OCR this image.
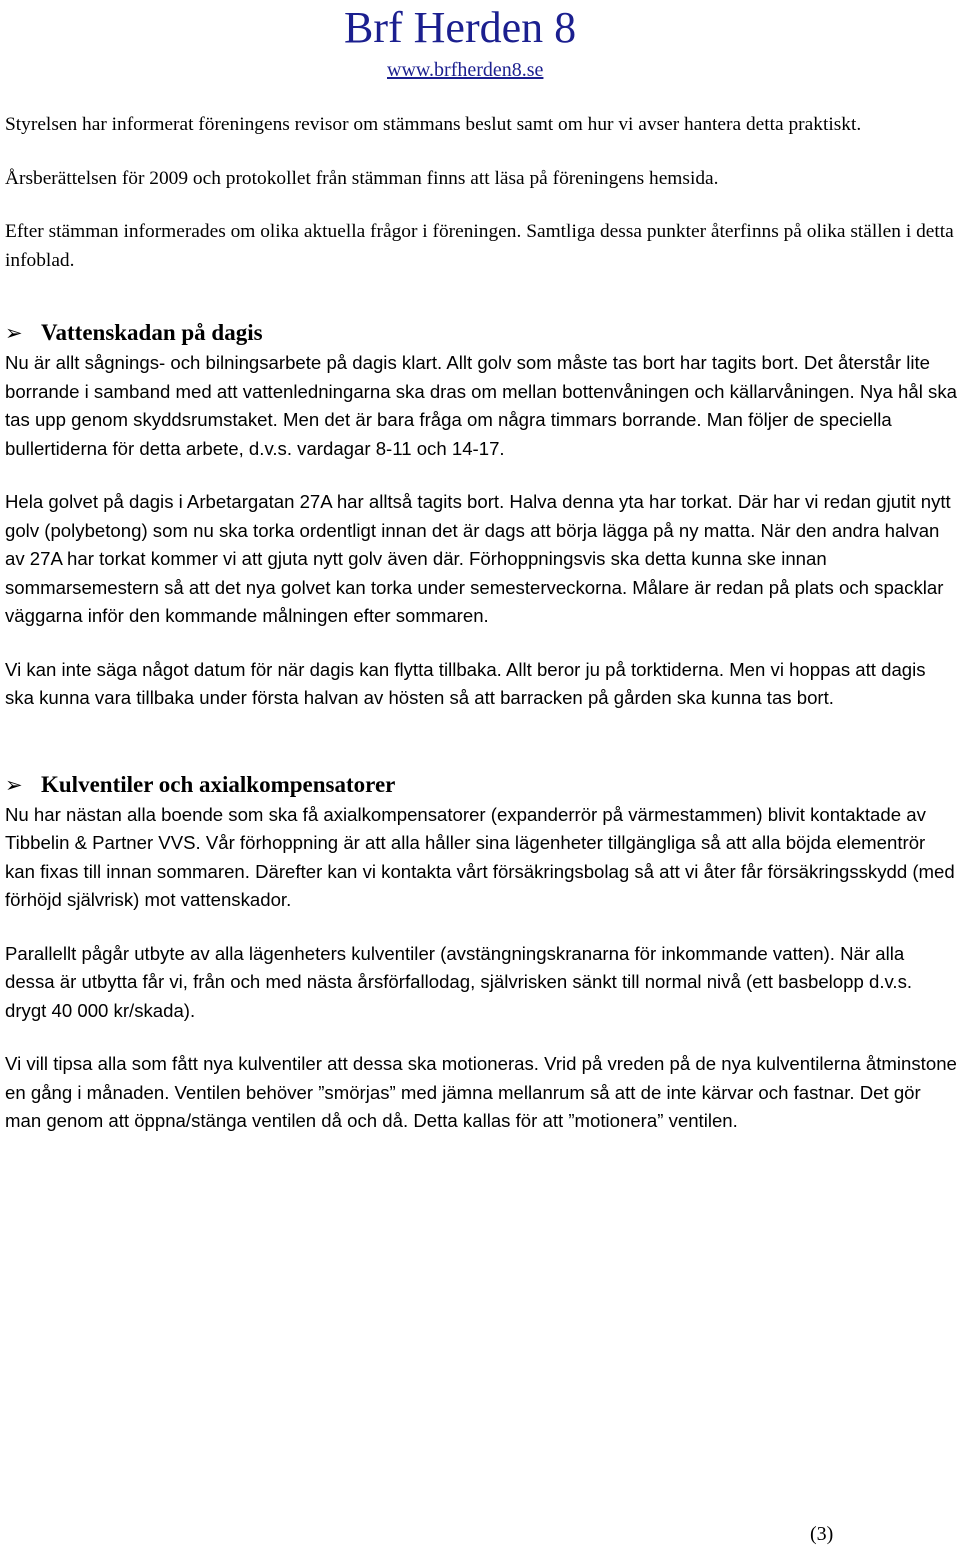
Brf Herden 8
www.brfherden8.se

Styrelsen har informerat föreningens revisor om stämmans beslut samt om hur vi avser hantera detta praktiskt.

Årsberättelsen för 2009 och protokollet från stämman finns att läsa på föreningens hemsida.

Efter stämman informerades om olika aktuella frågor i föreningen. Samtliga dessa punkter återfinns på olika ställen i detta infoblad.

➢ Vattenskadan på dagis

Nu är allt sågnings- och bilningsarbete på dagis klart. Allt golv som måste tas bort har tagits bort. Det återstår lite borrande i samband med att vattenledningarna ska dras om mellan bottenvåningen och källarvåningen. Nya hål ska tas upp genom skyddsrumstaket. Men det är bara fråga om några timmars borrande. Man följer de speciella bullertiderna för detta arbete, d.v.s. vardagar 8-11 och 14-17.

Hela golvet på dagis i Arbetargatan 27A har alltså tagits bort. Halva denna yta har torkat. Där har vi redan gjutit nytt golv (polybetong) som nu ska torka ordentligt innan det är dags att börja lägga på ny matta. När den andra halvan av 27A har torkat kommer vi att gjuta nytt golv även där. Förhoppningsvis ska detta kunna ske innan sommarsemestern så att det nya golvet kan torka under semesterveckorna. Målare är redan på plats och spacklar väggarna inför den kommande målningen efter sommaren.

Vi kan inte säga något datum för när dagis kan flytta tillbaka. Allt beror ju på torktiderna. Men vi hoppas att dagis ska kunna vara tillbaka under första halvan av hösten så att barracken på gården ska kunna tas bort.

➢ Kulventiler och axialkompensatorer

Nu har nästan alla boende som ska få axialkompensatorer (expanderrör på värmestammen) blivit kontaktade av Tibbelin & Partner VVS. Vår förhoppning är att alla håller sina lägenheter tillgängliga så att alla böjda elementrör kan fixas till innan sommaren. Därefter kan vi kontakta vårt försäkringsbolag så att vi åter får försäkringsskydd (med förhöjd självrisk) mot vattenskador.

Parallellt pågår utbyte av alla lägenheters kulventiler (avstängningskranarna för inkommande vatten). När alla dessa är utbytta får vi, från och med nästa årsförfallodag, självrisken sänkt till normal nivå (ett basbelopp d.v.s. drygt 40 000 kr/skada).

Vi vill tipsa alla som fått nya kulventiler att dessa ska motioneras. Vrid på vreden på de nya kulventilerna åtminstone en gång i månaden. Ventilen behöver ”smörjas” med jämna mellanrum så att de inte kärvar och fastnar. Det gör man genom att öppna/stänga ventilen då och då. Detta kallas för att ”motionera” ventilen.

(3)
